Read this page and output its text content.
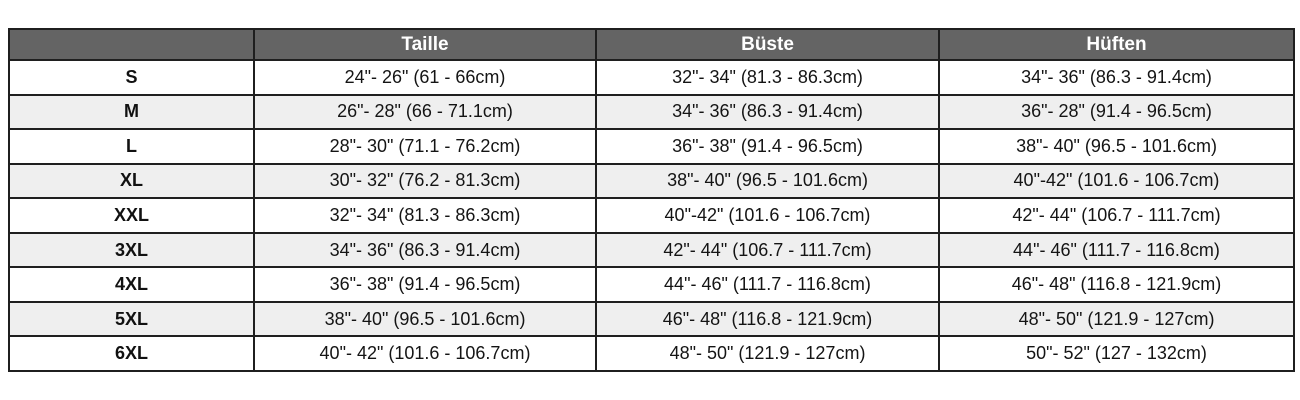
	Taille	Büste	Hüften
S	24"- 26" (61 - 66cm)	32"- 34" (81.3 - 86.3cm)	34"- 36" (86.3 - 91.4cm)
M	26"- 28" (66 - 71.1cm)	34"- 36" (86.3 - 91.4cm)	36"- 28" (91.4 - 96.5cm)
L	28"- 30" (71.1 - 76.2cm)	36"- 38" (91.4 - 96.5cm)	38"- 40" (96.5 - 101.6cm)
XL	30"- 32" (76.2 - 81.3cm)	38"- 40" (96.5 - 101.6cm)	40"-42" (101.6 - 106.7cm)
XXL	32"- 34" (81.3 - 86.3cm)	40"-42" (101.6 - 106.7cm)	42"- 44" (106.7 - 111.7cm)
3XL	34"- 36" (86.3 - 91.4cm)	42"- 44" (106.7 - 111.7cm)	44"- 46" (111.7 - 116.8cm)
4XL	36"- 38" (91.4 - 96.5cm)	44"- 46" (111.7 - 116.8cm)	46"- 48" (116.8 - 121.9cm)
5XL	38"- 40" (96.5 - 101.6cm)	46"- 48" (116.8 - 121.9cm)	48"- 50" (121.9 - 127cm)
6XL	40"- 42" (101.6 - 106.7cm)	48"- 50" (121.9 - 127cm)	50"- 52" (127 - 132cm)
